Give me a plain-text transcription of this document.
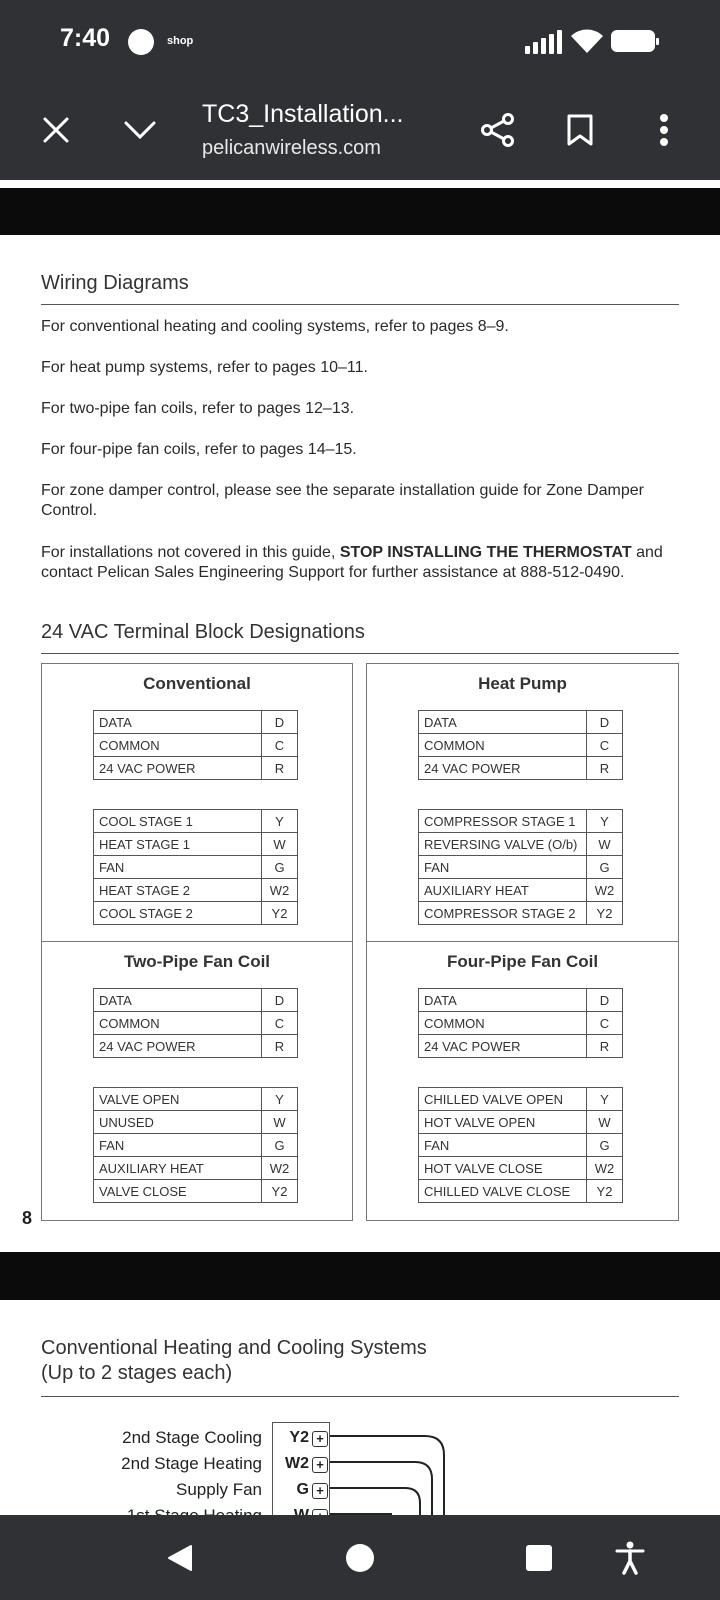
7:40	shop
TC3_Installation...
pelicanwireless.com
Wiring Diagrams
For conventional heating and cooling systems, refer to pages 8–9.
For heat pump systems, refer to pages 10–11.
For two-pipe fan coils, refer to pages 12–13.
For four-pipe fan coils, refer to pages 14–15.
For zone damper control, please see the separate installation guide for Zone Damper Control.
For installations not covered in this guide, STOP INSTALLING THE THERMOSTAT and contact Pelican Sales Engineering Support for further assistance at 888-512-0490.
24 VAC Terminal Block Designations
Conventional
DATA	D
COMMON	C
24 VAC POWER	R
COOL STAGE 1	Y
HEAT STAGE 1	W
FAN	G
HEAT STAGE 2	W2
COOL STAGE 2	Y2
Heat Pump
DATA	D
COMMON	C
24 VAC POWER	R
COMPRESSOR STAGE 1	Y
REVERSING VALVE (O/b)	W
FAN	G
AUXILIARY HEAT	W2
COMPRESSOR STAGE 2	Y2
Two-Pipe Fan Coil
DATA	D
COMMON	C
24 VAC POWER	R
VALVE OPEN	Y
UNUSED	W
FAN	G
AUXILIARY HEAT	W2
VALVE CLOSE	Y2
Four-Pipe Fan Coil
DATA	D
COMMON	C
24 VAC POWER	R
CHILLED VALVE OPEN	Y
HOT VALVE OPEN	W
FAN	G
HOT VALVE CLOSE	W2
CHILLED VALVE CLOSE	Y2
8
Conventional Heating and Cooling Systems
(Up to 2 stages each)
2nd Stage Cooling
2nd Stage Heating
Supply Fan
Y2 +
W2 +
G +
